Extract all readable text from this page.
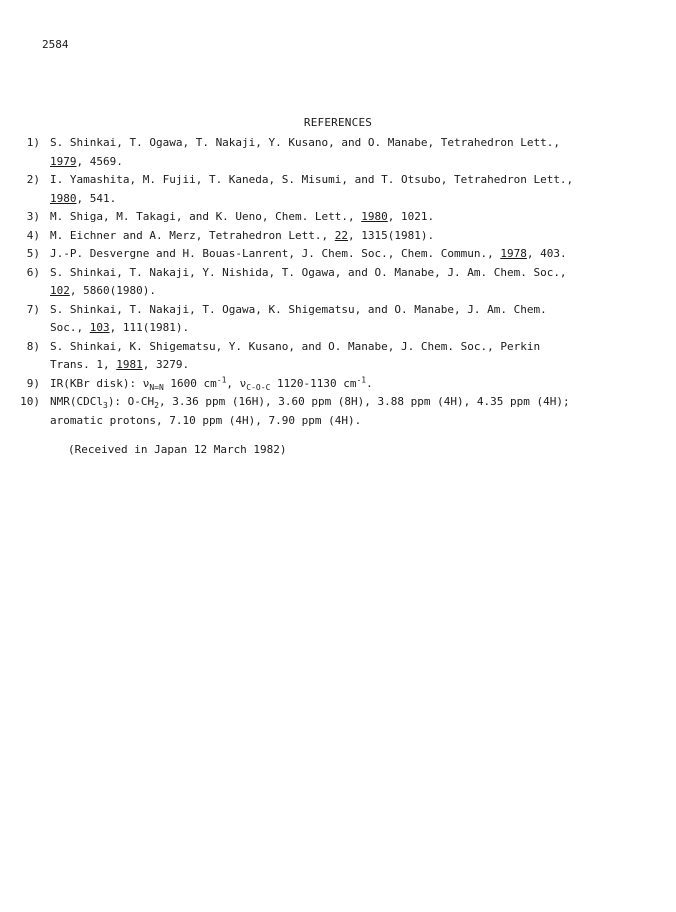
2584
REFERENCES
1) S. Shinkai, T. Ogawa, T. Nakaji, Y. Kusano, and O. Manabe, Tetrahedron Lett.,
1979, 4569.
2) I. Yamashita, M. Fujii, T. Kaneda, S. Misumi, and T. Otsubo, Tetrahedron Lett.,
1980, 541.
3) M. Shiga, M. Takagi, and K. Ueno, Chem. Lett., 1980, 1021.
4) M. Eichner and A. Merz, Tetrahedron Lett., 22, 1315(1981).
5) J.-P. Desvergne and H. Bouas-Lanrent, J. Chem. Soc., Chem. Commun., 1978, 403.
6) S. Shinkai, T. Nakaji, Y. Nishida, T. Ogawa, and O. Manabe, J. Am. Chem. Soc.,
102, 5860(1980).
7) S. Shinkai, T. Nakaji, T. Ogawa, K. Shigematsu, and O. Manabe, J. Am. Chem.
Soc., 103, 111(1981).
8) S. Shinkai, K. Shigematsu, Y. Kusano, and O. Manabe, J. Chem. Soc., Perkin
Trans. 1, 1981, 3279.
9) IR(KBr disk): $\nu_{N=N}$ 1600 $cm^{-1}$, $\nu_{C-O-C}$ 1120-1130 $cm^{-1}$.
10) NMR(CDCl$_3$): $O-CH_2$, 3.36 ppm (16H), 3.60 ppm (8H), 3.88 ppm (4H), 4.35 ppm (4H);
aromatic protons, 7.10 ppm (4H), 7.90 ppm (4H).
(Received in Japan 12 March 1982)
